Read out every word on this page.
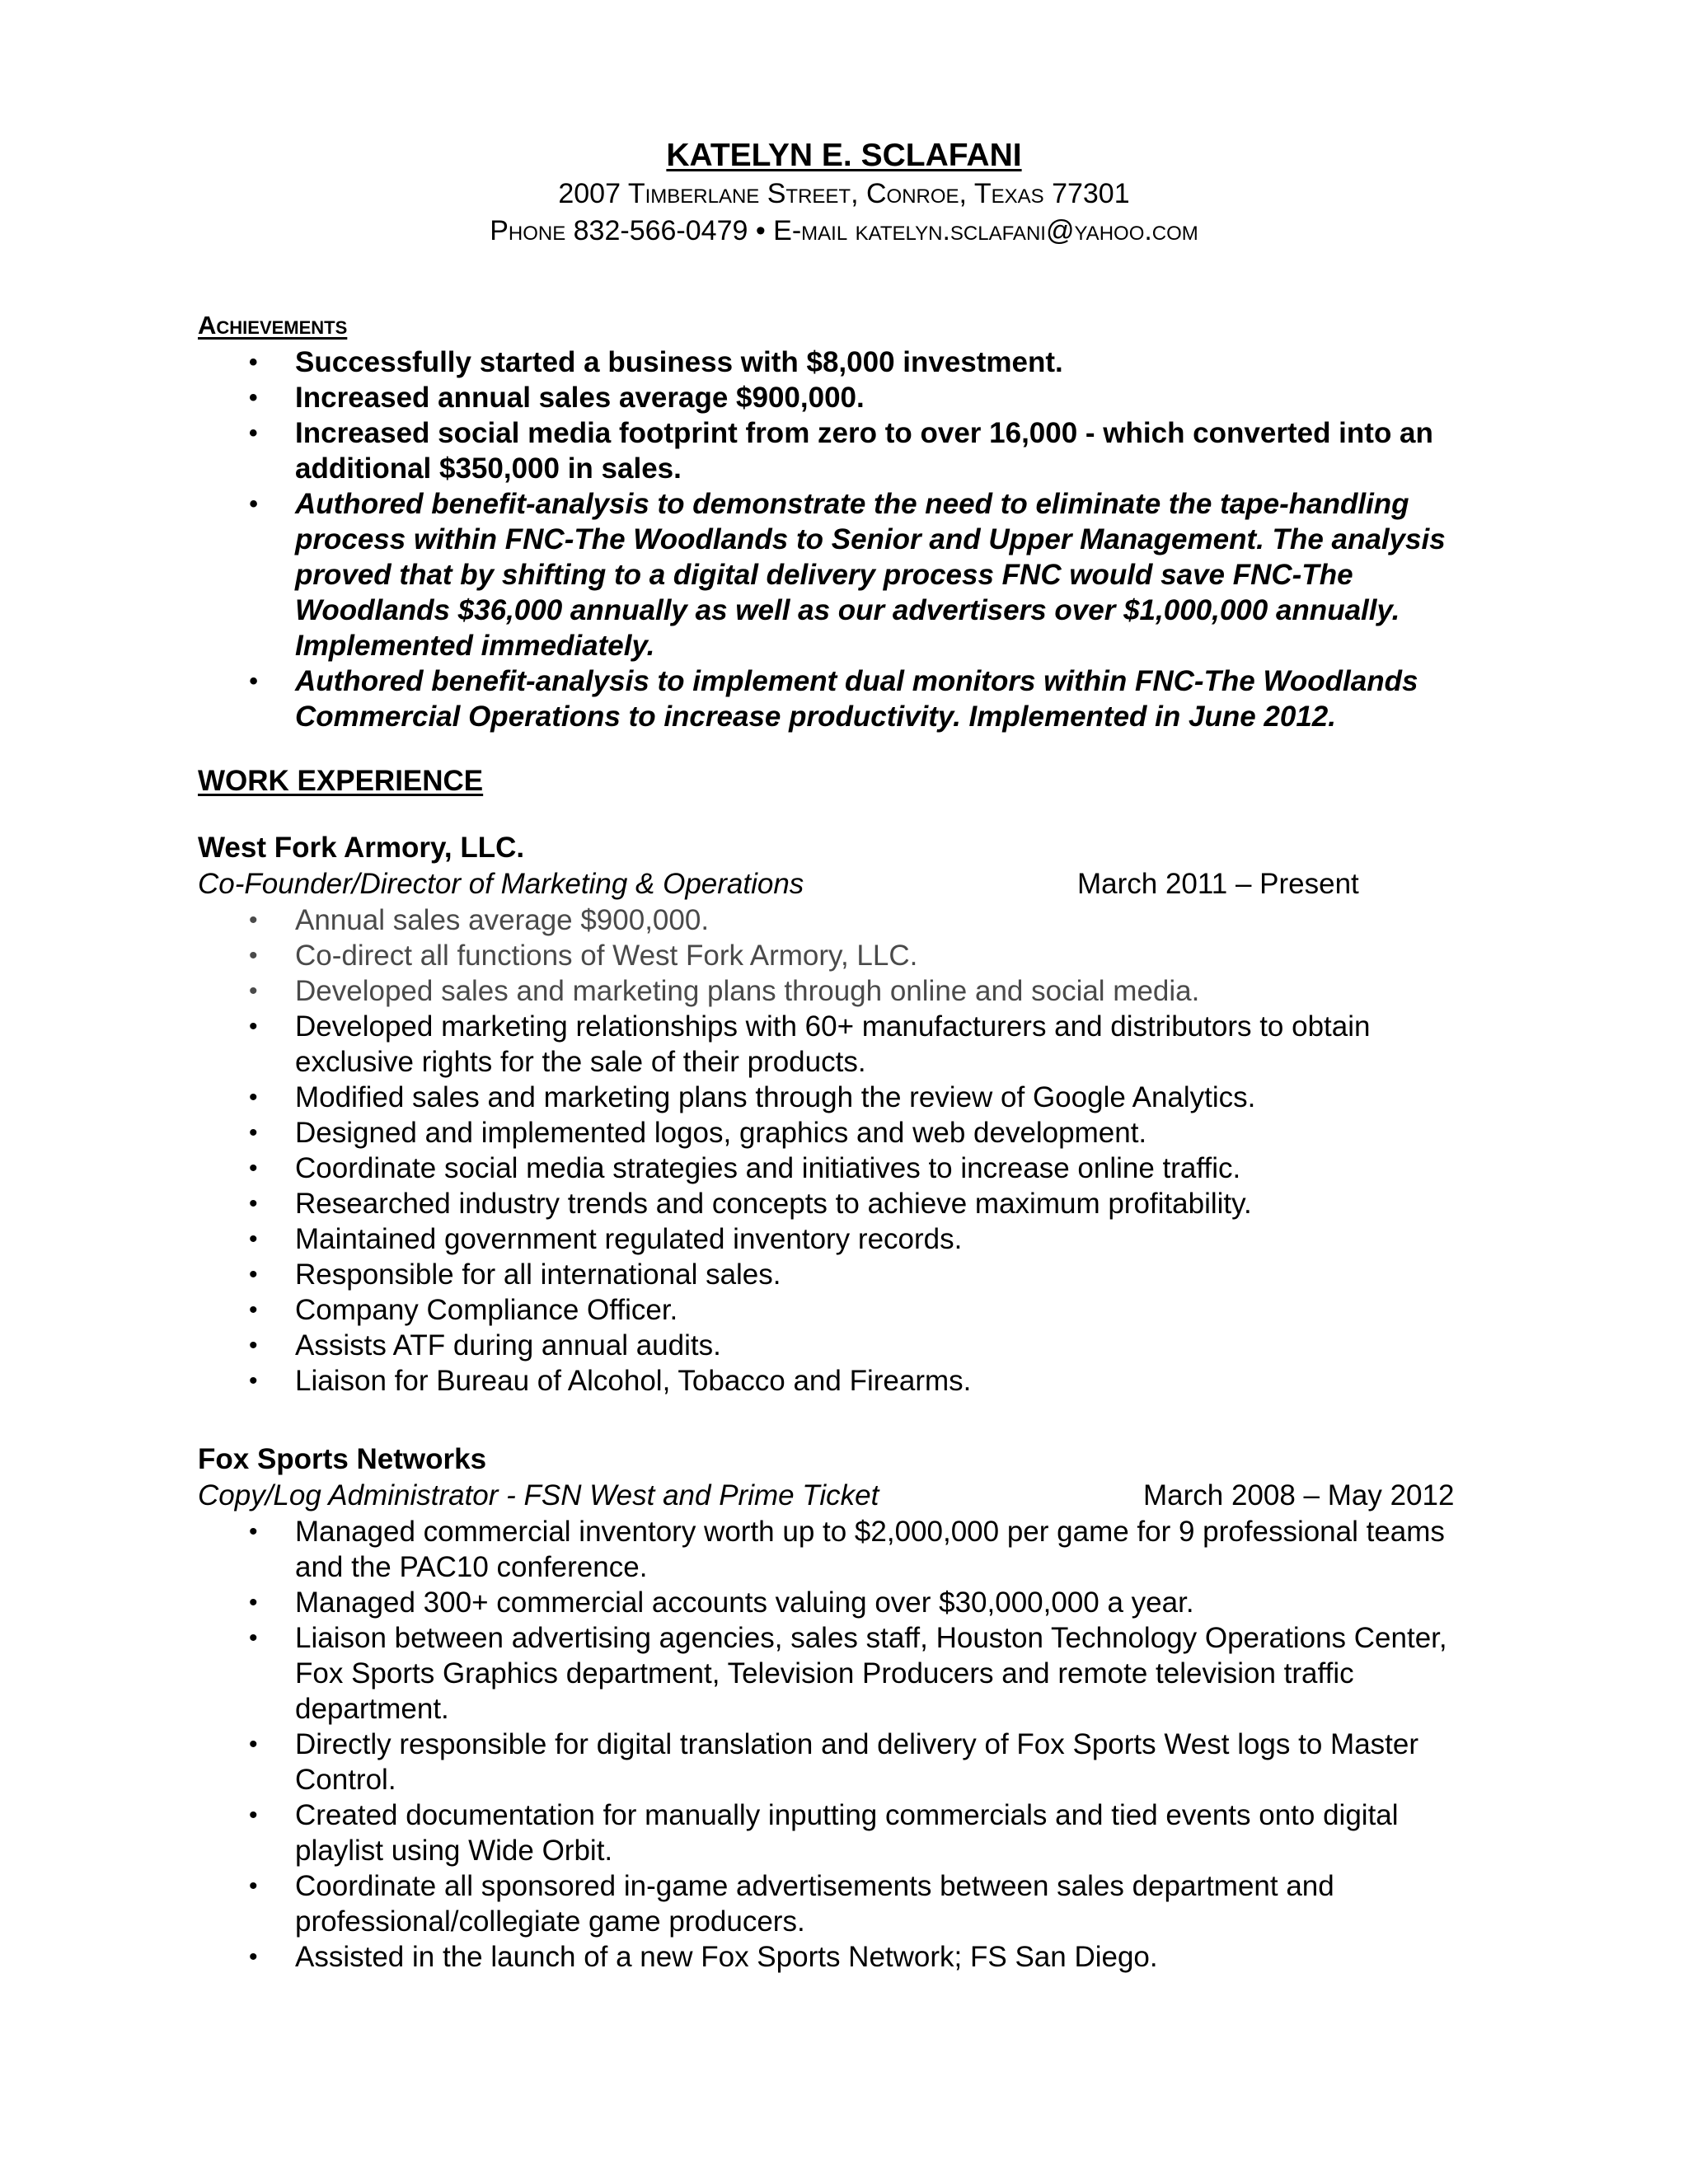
KATELYN E. SCLAFANI

2007 Timberlane Street, Conroe, Texas 77301

Phone 832-566-0479 • E-mail katelyn.sclafani@yahoo.com

Achievements

• Successfully started a business with $8,000 investment.
• Increased annual sales average $900,000.
• Increased social media footprint from zero to over 16,000 - which converted into an additional $350,000 in sales.
• Authored benefit-analysis to demonstrate the need to eliminate the tape-handling process within FNC-The Woodlands to Senior and Upper Management. The analysis proved that by shifting to a digital delivery process FNC would save FNC-The Woodlands $36,000 annually as well as our advertisers over $1,000,000 annually. Implemented immediately.
• Authored benefit-analysis to implement dual monitors within FNC-The Woodlands Commercial Operations to increase productivity. Implemented in June 2012.

WORK EXPERIENCE

West Fork Armory, LLC.

Co-Founder/Director of Marketing & Operations	March 2011 – Present
• Annual sales average $900,000.
• Co-direct all functions of West Fork Armory, LLC.
• Developed sales and marketing plans through online and social media.
• Developed marketing relationships with 60+ manufacturers and distributors to obtain exclusive rights for the sale of their products.
• Modified sales and marketing plans through the review of Google Analytics.
• Designed and implemented logos, graphics and web development.
• Coordinate social media strategies and initiatives to increase online traffic.
• Researched industry trends and concepts to achieve maximum profitability.
• Maintained government regulated inventory records.
• Responsible for all international sales.
• Company Compliance Officer.
• Assists ATF during annual audits.
• Liaison for Bureau of Alcohol, Tobacco and Firearms.

Fox Sports Networks

Copy/Log Administrator - FSN West and Prime Ticket	March 2008 – May 2012
• Managed commercial inventory worth up to $2,000,000 per game for 9 professional teams and the PAC10 conference.
• Managed 300+ commercial accounts valuing over $30,000,000 a year.
• Liaison between advertising agencies, sales staff, Houston Technology Operations Center, Fox Sports Graphics department, Television Producers and remote television traffic department.
• Directly responsible for digital translation and delivery of Fox Sports West logs to Master Control.
• Created documentation for manually inputting commercials and tied events onto digital playlist using Wide Orbit.
• Coordinate all sponsored in-game advertisements between sales department and professional/collegiate game producers.
• Assisted in the launch of a new Fox Sports Network; FS San Diego.
